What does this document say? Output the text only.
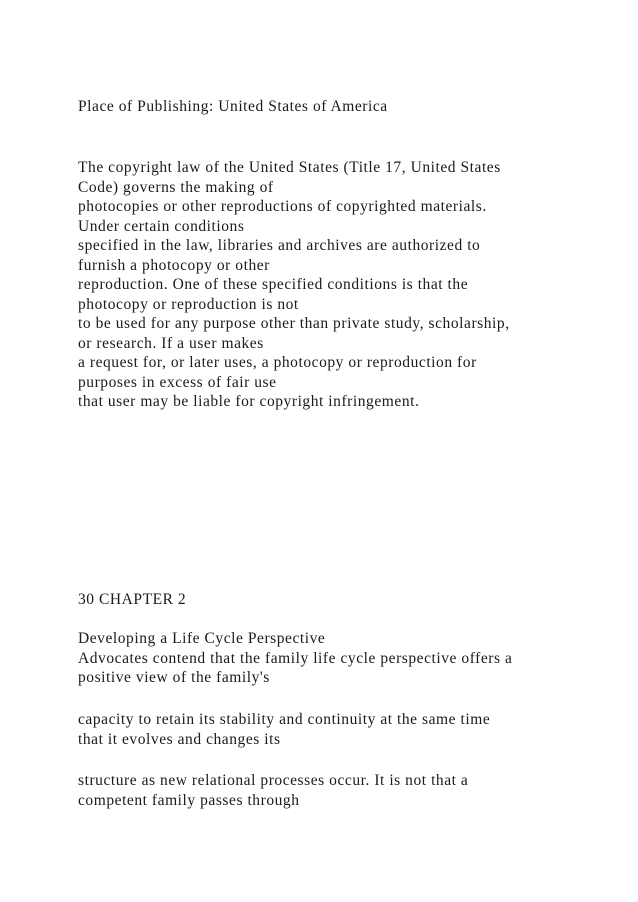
Place of Publishing: United States of America
The copyright law of the United States (Title 17, United States
Code) governs the making of
photocopies or other reproductions of copyrighted materials.
Under certain conditions
specified in the law, libraries and archives are authorized to
furnish a photocopy or other
reproduction. One of these specified conditions is that the
photocopy or reproduction is not
to be used for any purpose other than private study, scholarship,
or research. If a user makes
a request for, or later uses, a photocopy or reproduction for
purposes in excess of fair use
that user may be liable for copyright infringement.
30 CHAPTER 2
Developing a Life Cycle Perspective
Advocates contend that the family life cycle perspective offers a
positive view of the family's
capacity to retain its stability and continuity at the same time
that it evolves and changes its
structure as new relational processes occur. It is not that a
competent family passes through
